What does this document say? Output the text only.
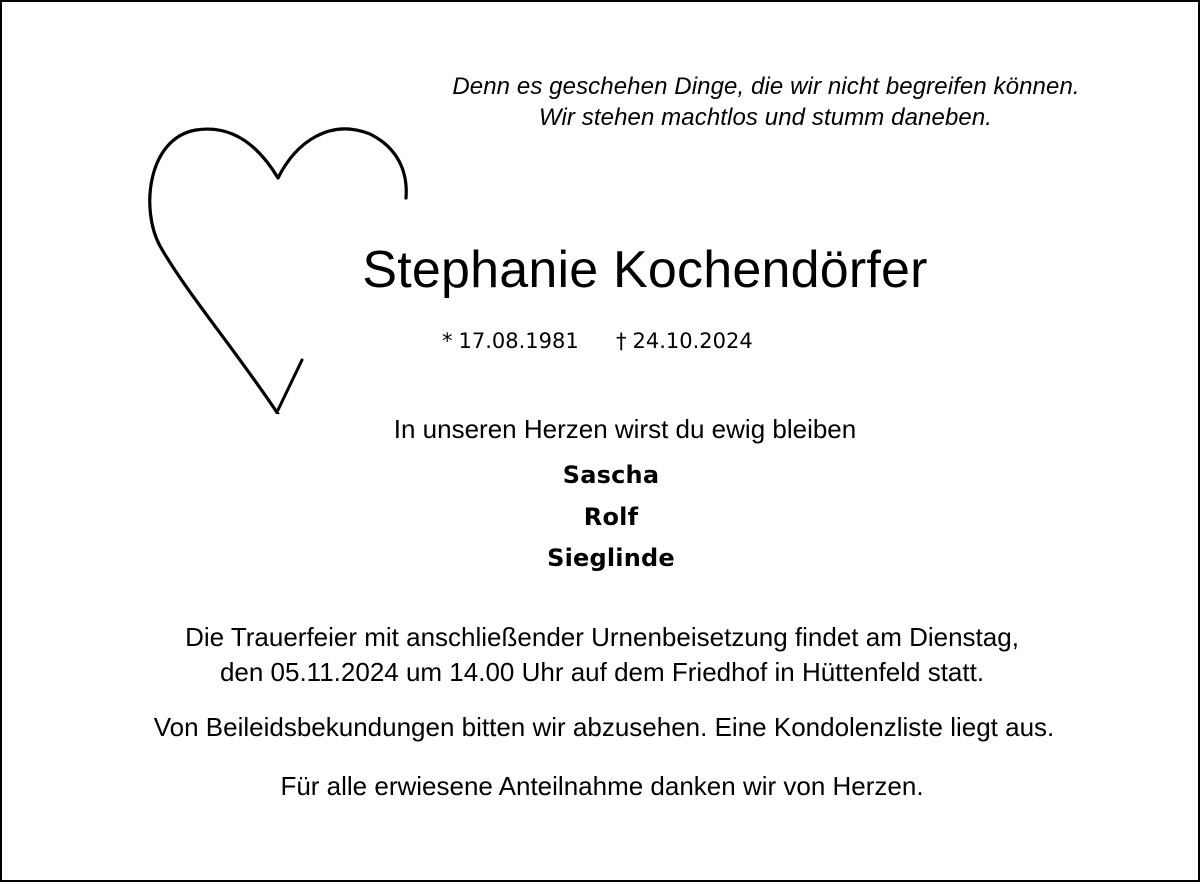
Denn es geschehen Dinge, die wir nicht begreifen können.
Wir stehen machtlos und stumm daneben.
Stephanie Kochendörfer
* 17.08.1981 † 24.10.2024
In unseren Herzen wirst du ewig bleiben
Sascha
Rolf
Sieglinde
Die Trauerfeier mit anschließender Urnenbeisetzung findet am Dienstag,
den 05.11.2024 um 14.00 Uhr auf dem Friedhof in Hüttenfeld statt.
Von Beileidsbekundungen bitten wir abzusehen. Eine Kondolenzliste liegt aus.
Für alle erwiesene Anteilnahme danken wir von Herzen.
